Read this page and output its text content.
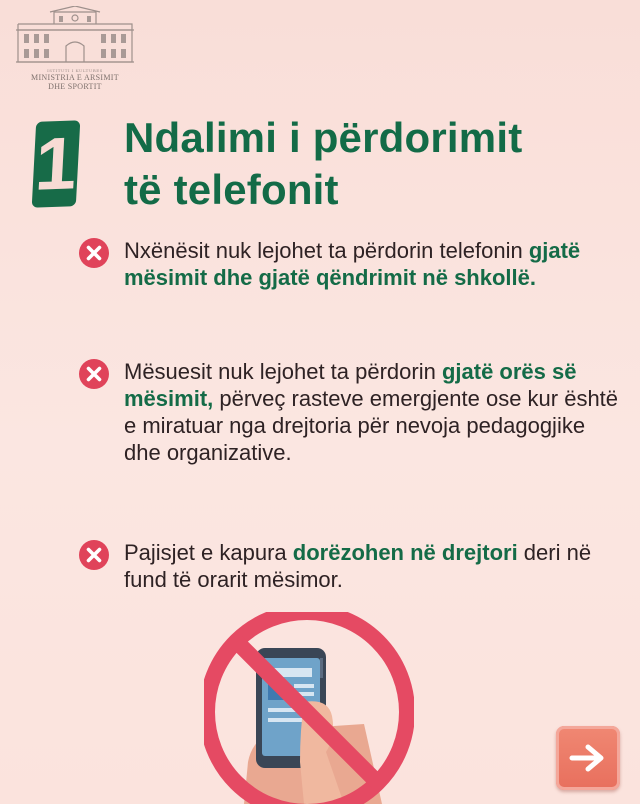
ISTITUTI I KULTURES
MINISTRIA E ARSIMIT
DHE SPORTIT
1 Ndalimi i përdorimit
të telefonit

Nxënësit nuk lejohet ta përdorin telefonin gjatë mësimit dhe gjatë qëndrimit në shkollë.

Mësuesit nuk lejohet ta përdorin gjatë orës së mësimit, përveç rasteve emergjente ose kur është e miratuar nga drejtoria për nevoja pedagogjike dhe organizative.

Pajisjet e kapura dorëzohen në drejtori deri në fund të orarit mësimor.
